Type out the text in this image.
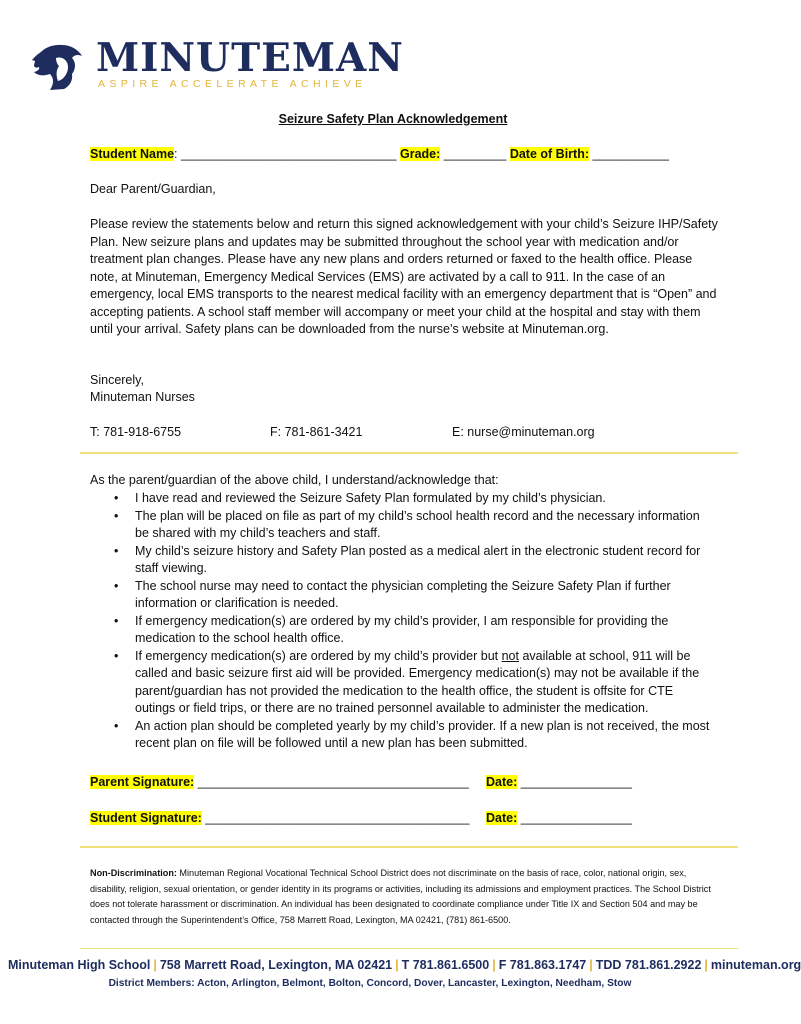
MINUTEMAN
ASPIRE ACCELERATE ACHIEVE
Seizure Safety Plan Acknowledgement
Student Name: _______________________________ Grade: _________ Date of Birth: ___________
Dear Parent/Guardian,
Please review the statements below and return this signed acknowledgement with your child’s Seizure IHP/Safety Plan. New seizure plans and updates may be submitted throughout the school year with medication and/or treatment plan changes. Please have any new plans and orders returned or faxed to the health office. Please note, at Minuteman, Emergency Medical Services (EMS) are activated by a call to 911. In the case of an emergency, local EMS transports to the nearest medical facility with an emergency department that is “Open” and accepting patients. A school staff member will accompany or meet your child at the hospital and stay with them until your arrival. Safety plans can be downloaded from the nurse’s website at Minuteman.org.
Sincerely,
Minuteman Nurses
T: 781-918-6755	F: 781-861-3421	E: nurse@minuteman.org
As the parent/guardian of the above child, I understand/acknowledge that:
• I have read and reviewed the Seizure Safety Plan formulated by my child’s physician.
• The plan will be placed on file as part of my child’s school health record and the necessary information be shared with my child’s teachers and staff.
• My child’s seizure history and Safety Plan posted as a medical alert in the electronic student record for staff viewing.
• The school nurse may need to contact the physician completing the Seizure Safety Plan if further information or clarification is needed.
• If emergency medication(s) are ordered by my child’s provider, I am responsible for providing the medication to the school health office.
• If emergency medication(s) are ordered by my child’s provider but not available at school, 911 will be called and basic seizure first aid will be provided. Emergency medication(s) may not be available if the parent/guardian has not provided the medication to the health office, the student is offsite for CTE outings or field trips, or there are no trained personnel available to administer the medication.
• An action plan should be completed yearly by my child’s provider. If a new plan is not received, the most recent plan on file will be followed until a new plan has been submitted.
Parent Signature: _______________________________________ Date: ________________
Student Signature: ______________________________________ Date: ________________
Non-Discrimination: Minuteman Regional Vocational Technical School District does not discriminate on the basis of race, color, national origin, sex, disability, religion, sexual orientation, or gender identity in its programs or activities, including its admissions and employment practices. The School District does not tolerate harassment or discrimination. An individual has been designated to coordinate compliance under Title IX and Section 504 and may be contacted through the Superintendent’s Office, 758 Marrett Road, Lexington, MA 02421, (781) 861-6500.
Minuteman High School | 758 Marrett Road, Lexington, MA 02421 | T 781.861.6500 | F 781.863.1747 | TDD 781.861.2922 | minuteman.org
District Members: Acton, Arlington, Belmont, Bolton, Concord, Dover, Lancaster, Lexington, Needham, Stow
